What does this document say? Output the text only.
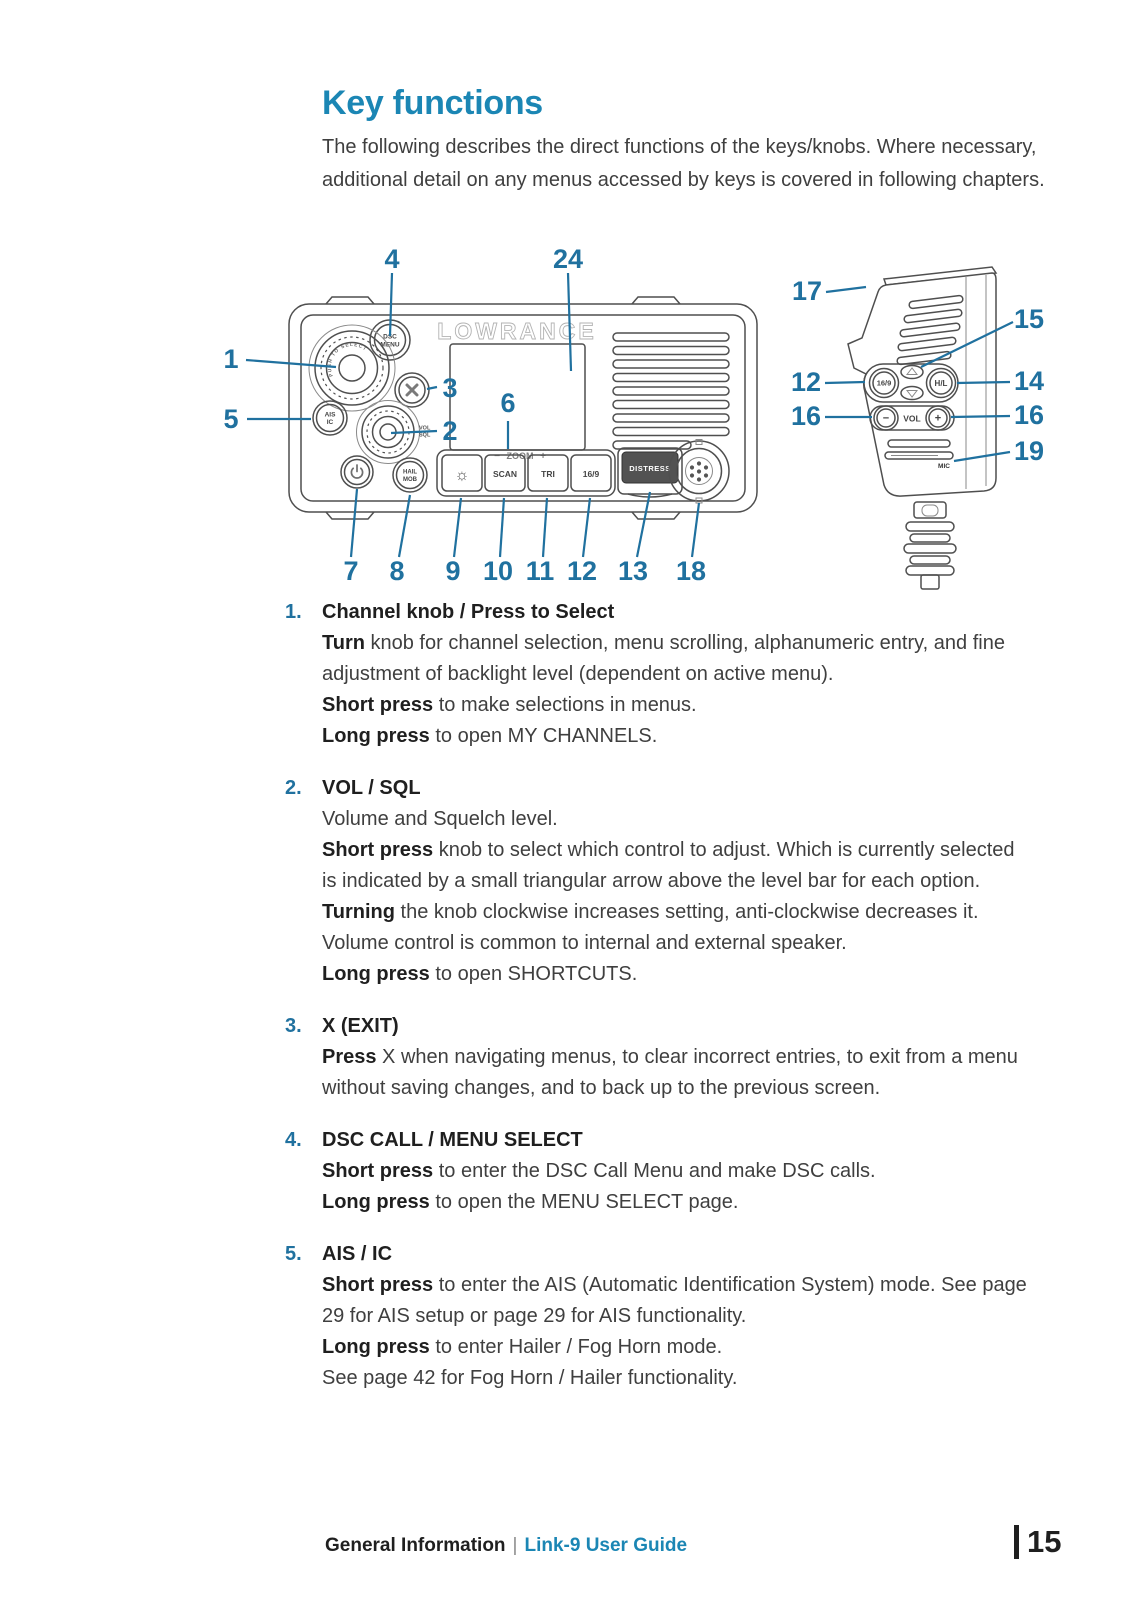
Key functions
The following describes the direct functions of the keys/knobs. Where necessary, additional detail on any menus accessed by keys is covered in following chapters.
LOWRANCE
− ZOOM +
DSC
MENU
PUSH TO SELECT
AIS
IC
VOL
SQL
HAIL
MOB ☼	SCAN	TRI	16/9
DISTRESS
16/9	H/L
− VOL +
MIC
4	24
1
3
5	2
6
7 8 9 10 11 12 13 18
17
15
12	14
16	16
19
1.	Channel knob / Press to Select
Turn knob for channel selection, menu scrolling, alphanumeric entry, and fine adjustment of backlight level (dependent on active menu).
Short press to make selections in menus.
Long press to open MY CHANNELS.
2.	VOL / SQL
Volume and Squelch level.
Short press knob to select which control to adjust. Which is currently selected is indicated by a small triangular arrow above the level bar for each option. Turning the knob clockwise increases setting, anti-clockwise decreases it. Volume control is common to internal and external speaker.
Long press to open SHORTCUTS.
3.	X (EXIT)
Press X when navigating menus, to clear incorrect entries, to exit from a menu without saving changes, and to back up to the previous screen.
4.	DSC CALL / MENU SELECT
Short press to enter the DSC Call Menu and make DSC calls.
Long press to open the MENU SELECT page.
5.	AIS / IC
Short press to enter the AIS (Automatic Identification System) mode. See page 29 for AIS setup or page 29 for AIS functionality.
Long press to enter Hailer / Fog Horn mode.
See page 42 for Fog Horn / Hailer functionality.
General Information | Link-9 User Guide	15
